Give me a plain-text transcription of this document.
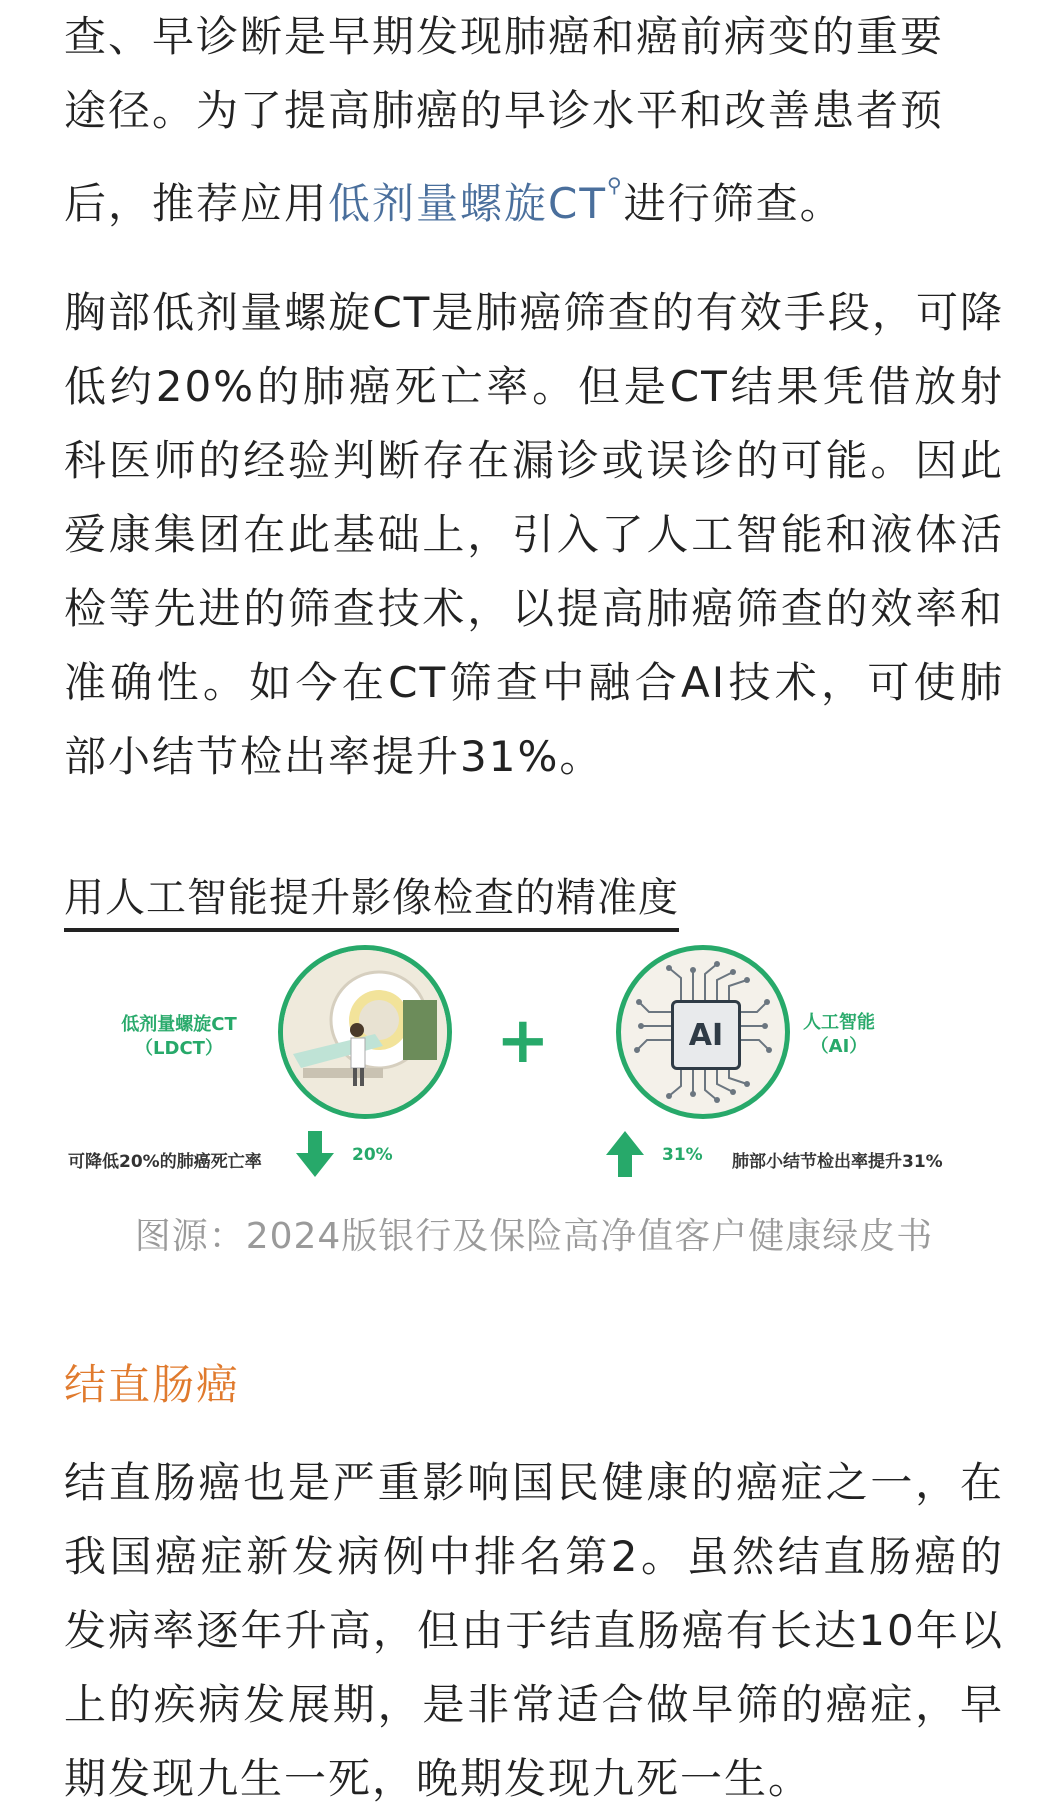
查、早诊断是早期发现肺癌和癌前病变的重要

途径。为了提高肺癌的早诊水平和改善患者预

后，推荐应用低剂量螺旋CT⚲进行筛查。

胸部低剂量螺旋CT是肺癌筛查的有效手段，可降低约20%的肺癌死亡率。但是CT结果凭借放射科医师的经验判断存在漏诊或误诊的可能。因此爱康集团在此基础上，引入了人工智能和液体活检等先进的筛查技术，以提高肺癌筛查的效率和准确性。如今在CT筛查中融合AI技术，可使肺部小结节检出率提升31%。

用人工智能提升影像检查的精准度
低剂量螺旋CT
（LDCT）	+	AI	人工智能
（AI）
可降低20%的肺癌死亡率	20%	31% 肺部小结节检出率提升31%
图源：2024版银行及保险高净值客户健康绿皮书
结直肠癌

结直肠癌也是严重影响国民健康的癌症之一，在我国癌症新发病例中排名第2。虽然结直肠癌的发病率逐年升高，但由于结直肠癌有长达10年以上的疾病发展期，是非常适合做早筛的癌症，早期发现九生一死，晚期发现九死一生。
